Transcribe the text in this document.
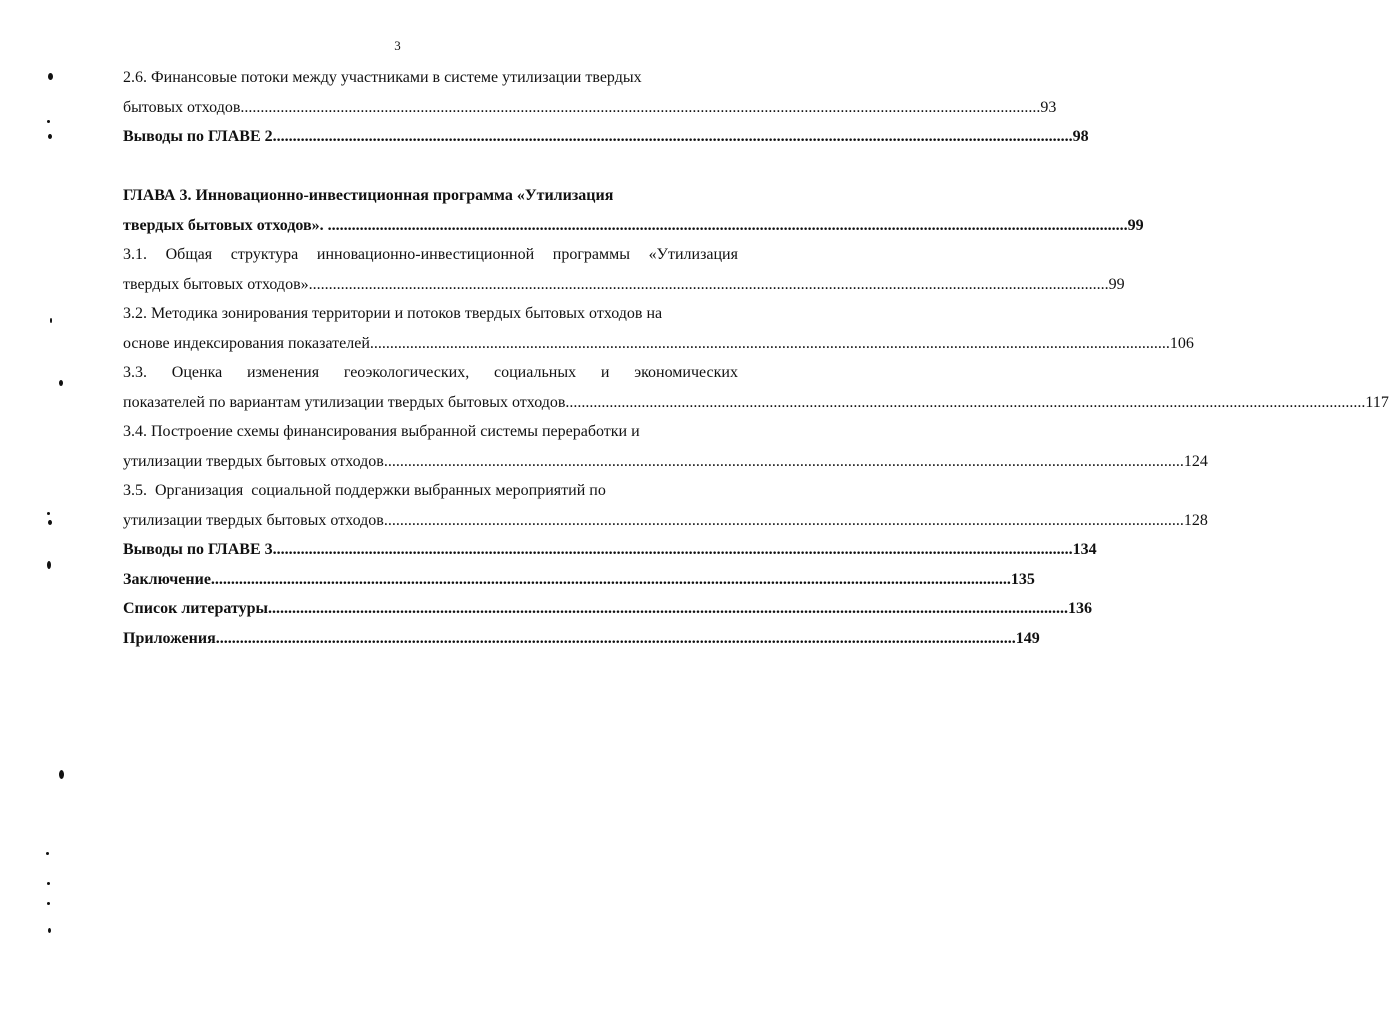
3
2.6. Финансовые потоки между участниками в системе утилизации твердых
бытовых отходов ........................................................................................................................................................................................................ 93
Выводы по ГЛАВЕ 2 ........................................................................................................................................................................................................ 98
ГЛАВА 3. Инновационно-инвестиционная программа «Утилизация
твердых бытовых отходов». ........................................................................................................................................................................................................ 99
3.1. Общая структура инновационно-инвестиционной программы «Утилизация
твердых бытовых отходов» ........................................................................................................................................................................................................ 99
3.2. Методика зонирования территории и потоков твердых бытовых отходов на
основе индексирования показателей ........................................................................................................................................................................................................ 106
3.3. Оценка изменения геоэкологических, социальных и экономических
показателей по вариантам утилизации твердых бытовых отходов ........................................................................................................................................................................................................ 117
3.4. Построение схемы финансирования выбранной системы переработки и
утилизации твердых бытовых отходов ........................................................................................................................................................................................................ 124
3.5.  Организация  социальной поддержки выбранных мероприятий по
утилизации твердых бытовых отходов ........................................................................................................................................................................................................ 128
Выводы по ГЛАВЕ 3 ........................................................................................................................................................................................................ 134
Заключение ........................................................................................................................................................................................................ 135
Список литературы ........................................................................................................................................................................................................ 136
Приложения ........................................................................................................................................................................................................ 149
